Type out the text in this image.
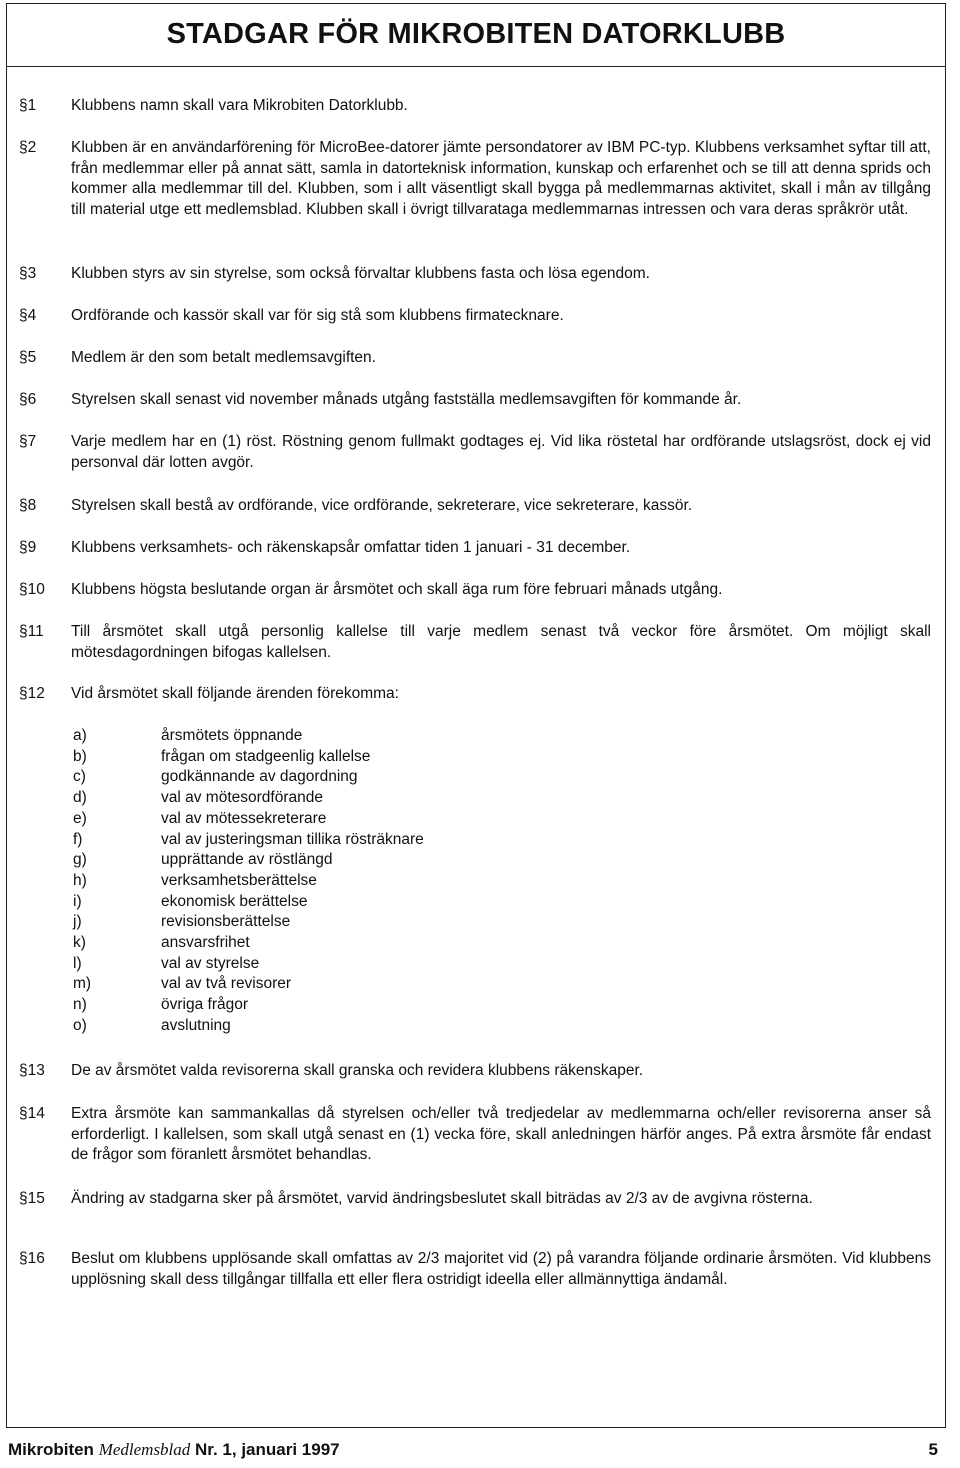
STADGAR FÖR MIKROBITEN DATORKLUBB
§1 Klubbens namn skall vara Mikrobiten Datorklubb.
§2 Klubben är en användarförening för MicroBee-datorer jämte persondatorer av IBM PC-typ. Klubbens verksamhet syftar till att, från medlemmar eller på annat sätt, samla in datorteknisk information, kunskap och erfarenhet och se till att denna sprids och kommer alla medlemmar till del. Klubben, som i allt väsentligt skall bygga på medlemmarnas aktivitet, skall i mån av tillgång till material utge ett medlemsblad. Klubben skall i övrigt tillvarataga medlemmarnas intressen och vara deras språkrör utåt.
§3 Klubben styrs av sin styrelse, som också förvaltar klubbens fasta och lösa egendom.
§4 Ordförande och kassör skall var för sig stå som klubbens firmatecknare.
§5 Medlem är den som betalt medlemsavgiften.
§6 Styrelsen skall senast vid november månads utgång fastställa medlemsavgiften för kommande år.
§7 Varje medlem har en (1) röst. Röstning genom fullmakt godtages ej. Vid lika röstetal har ordförande utslagsröst, dock ej vid personval där lotten avgör.
§8 Styrelsen skall bestå av ordförande, vice ordförande, sekreterare, vice sekreterare, kassör.
§9 Klubbens verksamhets- och räkenskapsår omfattar tiden 1 januari - 31 december.
§10 Klubbens högsta beslutande organ är årsmötet och skall äga rum före februari månads utgång.
§11 Till årsmötet skall utgå personlig kallelse till varje medlem senast två veckor före årsmötet. Om möjligt skall mötesdagordningen bifogas kallelsen.
§12 Vid årsmötet skall följande ärenden förekomma:
a)	årsmötets öppnande
b)	frågan om stadgeenlig kallelse
c)	godkännande av dagordning
d)	val av mötesordförande
e)	val av mötessekreterare
f)	val av justeringsman tillika rösträknare
g)	upprättande av röstlängd
h)	verksamhetsberättelse
i)	ekonomisk berättelse
j)	revisionsberättelse
k)	ansvarsfrihet
l)	val av styrelse
m)	val av två revisorer
n)	övriga frågor
o)	avslutning
§13 De av årsmötet valda revisorerna skall granska och revidera klubbens räkenskaper.
§14 Extra årsmöte kan sammankallas då styrelsen och/eller två tredjedelar av medlemmarna och/eller revisorerna anser så erforderligt. I kallelsen, som skall utgå senast en (1) vecka före, skall anledningen härför anges. På extra årsmöte får endast de frågor som föranlett årsmötet behandlas.
§15 Ändring av stadgarna sker på årsmötet, varvid ändringsbeslutet skall biträdas av 2/3 av de avgivna rösterna.
§16 Beslut om klubbens upplösande skall omfattas av 2/3 majoritet vid (2) på varandra följande ordinarie årsmöten. Vid klubbens upplösning skall dess tillgångar tillfalla ett eller flera ostridigt ideella eller allmännyttiga ändamål.
Mikrobiten Medlemsblad Nr. 1, januari 1997	5
